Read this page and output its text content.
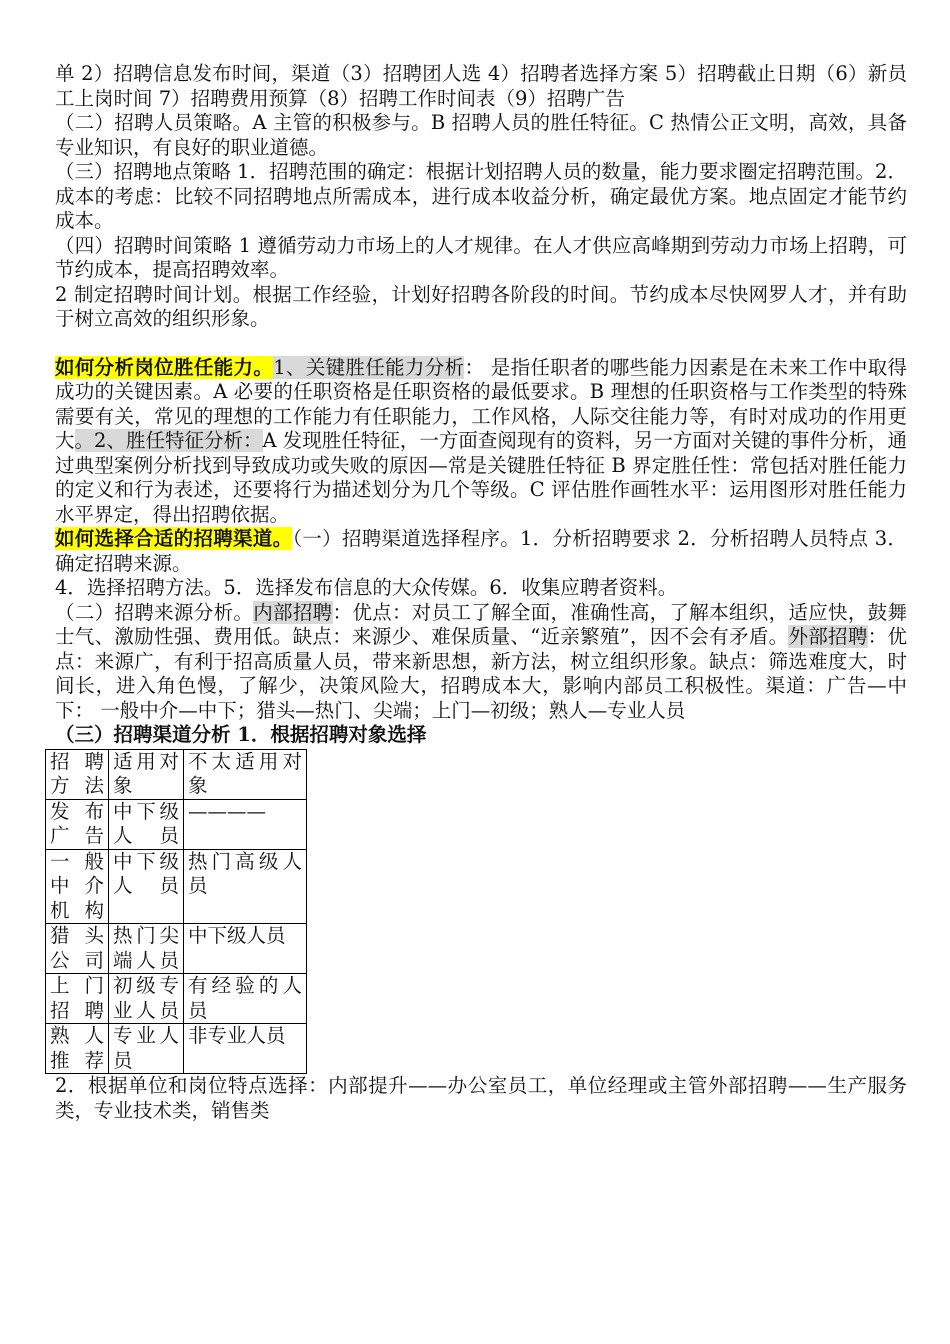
单 2）招聘信息发布时间，渠道（3）招聘团人选 4）招聘者选择方案 5）招聘截止日期（6）新员工上岗时间 7）招聘费用预算（8）招聘工作时间表（9）招聘广告

（二）招聘人员策略。A 主管的积极参与。B 招聘人员的胜任特征。C 热情公正文明，高效，具备专业知识，有良好的职业道德。

（三）招聘地点策略 1．招聘范围的确定：根据计划招聘人员的数量，能力要求圈定招聘范围。2．成本的考虑：比较不同招聘地点所需成本，进行成本收益分析，确定最优方案。地点固定才能节约成本。

（四）招聘时间策略 1 遵循劳动力市场上的人才规律。在人才供应高峰期到劳动力市场上招聘，可节约成本，提高招聘效率。

2 制定招聘时间计划。根据工作经验，计划好招聘各阶段的时间。节约成本尽快网罗人才，并有助于树立高效的组织形象。

如何分析岗位胜任能力。1、关键胜任能力分析： 是指任职者的哪些能力因素是在未来工作中取得成功的关键因素。A 必要的任职资格是任职资格的最低要求。B 理想的任职资格与工作类型的特殊需要有关，常见的理想的工作能力有任职能力，工作风格，人际交往能力等，有时对成功的作用更大。2、胜任特征分析：A 发现胜任特征，一方面查阅现有的资料，另一方面对关键的事件分析，通过典型案例分析找到导致成功或失败的原因—常是关键胜任特征 B 界定胜任性：常包括对胜任能力的定义和行为表述，还要将行为描述划分为几个等级。C 评估胜作画牲水平：运用图形对胜任能力水平界定，得出招聘依据。

如何选择合适的招聘渠道。（一）招聘渠道选择程序。1．分析招聘要求 2．分析招聘人员特点 3．确定招聘来源。

4．选择招聘方法。5．选择发布信息的大众传媒。6．收集应聘者资料。

（二）招聘来源分析。内部招聘：优点：对员工了解全面，准确性高，了解本组织，适应快，鼓舞士气、激励性强、费用低。缺点：来源少、难保质量、“近亲繁殖”，因不会有矛盾。外部招聘：优点：来源广，有利于招高质量人员，带来新思想，新方法，树立组织形象。缺点：筛选难度大，时间长，进入角色慢，了解少，决策风险大，招聘成本大，影响内部员工积极性。渠道：广告—中下： 一般中介—中下；猎头—热门、尖端；上门—初级；熟人—专业人员

（三）招聘渠道分析 1．根据招聘对象选择

招聘方法	适用对象	不太适用对象
发布广告	中下级人员	————
一般中介机构	中下级人员	热门高级人员
猎头公司	热门尖端人员	中下级人员
上门招聘	初级专业人员	有经验的人员
熟人推荐	专业人员	非专业人员

2．根据单位和岗位特点选择：内部提升——办公室员工，单位经理或主管外部招聘——生产服务类，专业技术类，销售类
